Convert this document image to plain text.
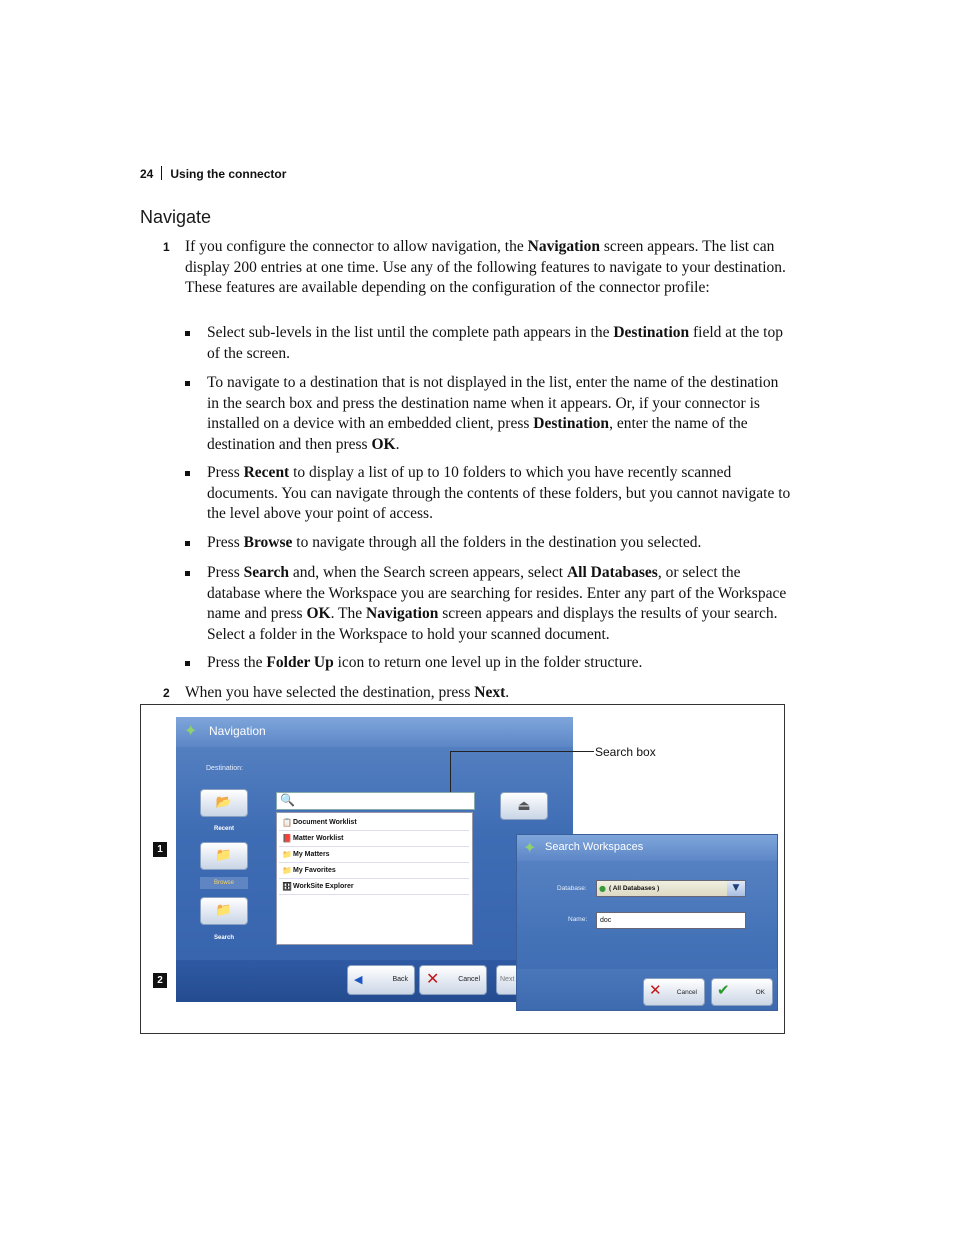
24 Using the connector
Navigate
1 If you configure the connector to allow navigation, the Navigation screen appears. The list can display 200 entries at one time. Use any of the following features to navigate to your destination. These features are available depending on the configuration of the connector profile:
Select sub-levels in the list until the complete path appears in the Destination field at the top of the screen.
To navigate to a destination that is not displayed in the list, enter the name of the destination in the search box and press the destination name when it appears. Or, if your connector is installed on a device with an embedded client, press Destination, enter the name of the destination and then press OK.
Press Recent to display a list of up to 10 folders to which you have recently scanned documents. You can navigate through the contents of these folders, but you cannot navigate to the level above your point of access.
Press Browse to navigate through all the folders in the destination you selected.
Press Search and, when the Search screen appears, select All Databases, or select the database where the Workspace you are searching for resides. Enter any part of the Workspace name and press OK. The Navigation screen appears and displays the results of your search. Select a folder in the Workspace to hold your scanned document.
Press the Folder Up icon to return one level up in the folder structure.
2 When you have selected the destination, press Next.
✦ Navigation
Destination:
📂
Recent
📁
Browse
📁
Search
🔍
📋 Document Worklist
📕 Matter Worklist
📁 My Matters
📁 My Favorites
🗄 WorkSite Explorer
⏏
◀	Back ✕	Cancel	Next
✦ Search Workspaces
Database: ● ( All Databases )	▼
Name:	doc
✕ Cancel ✔	OK
Search box
1
2
